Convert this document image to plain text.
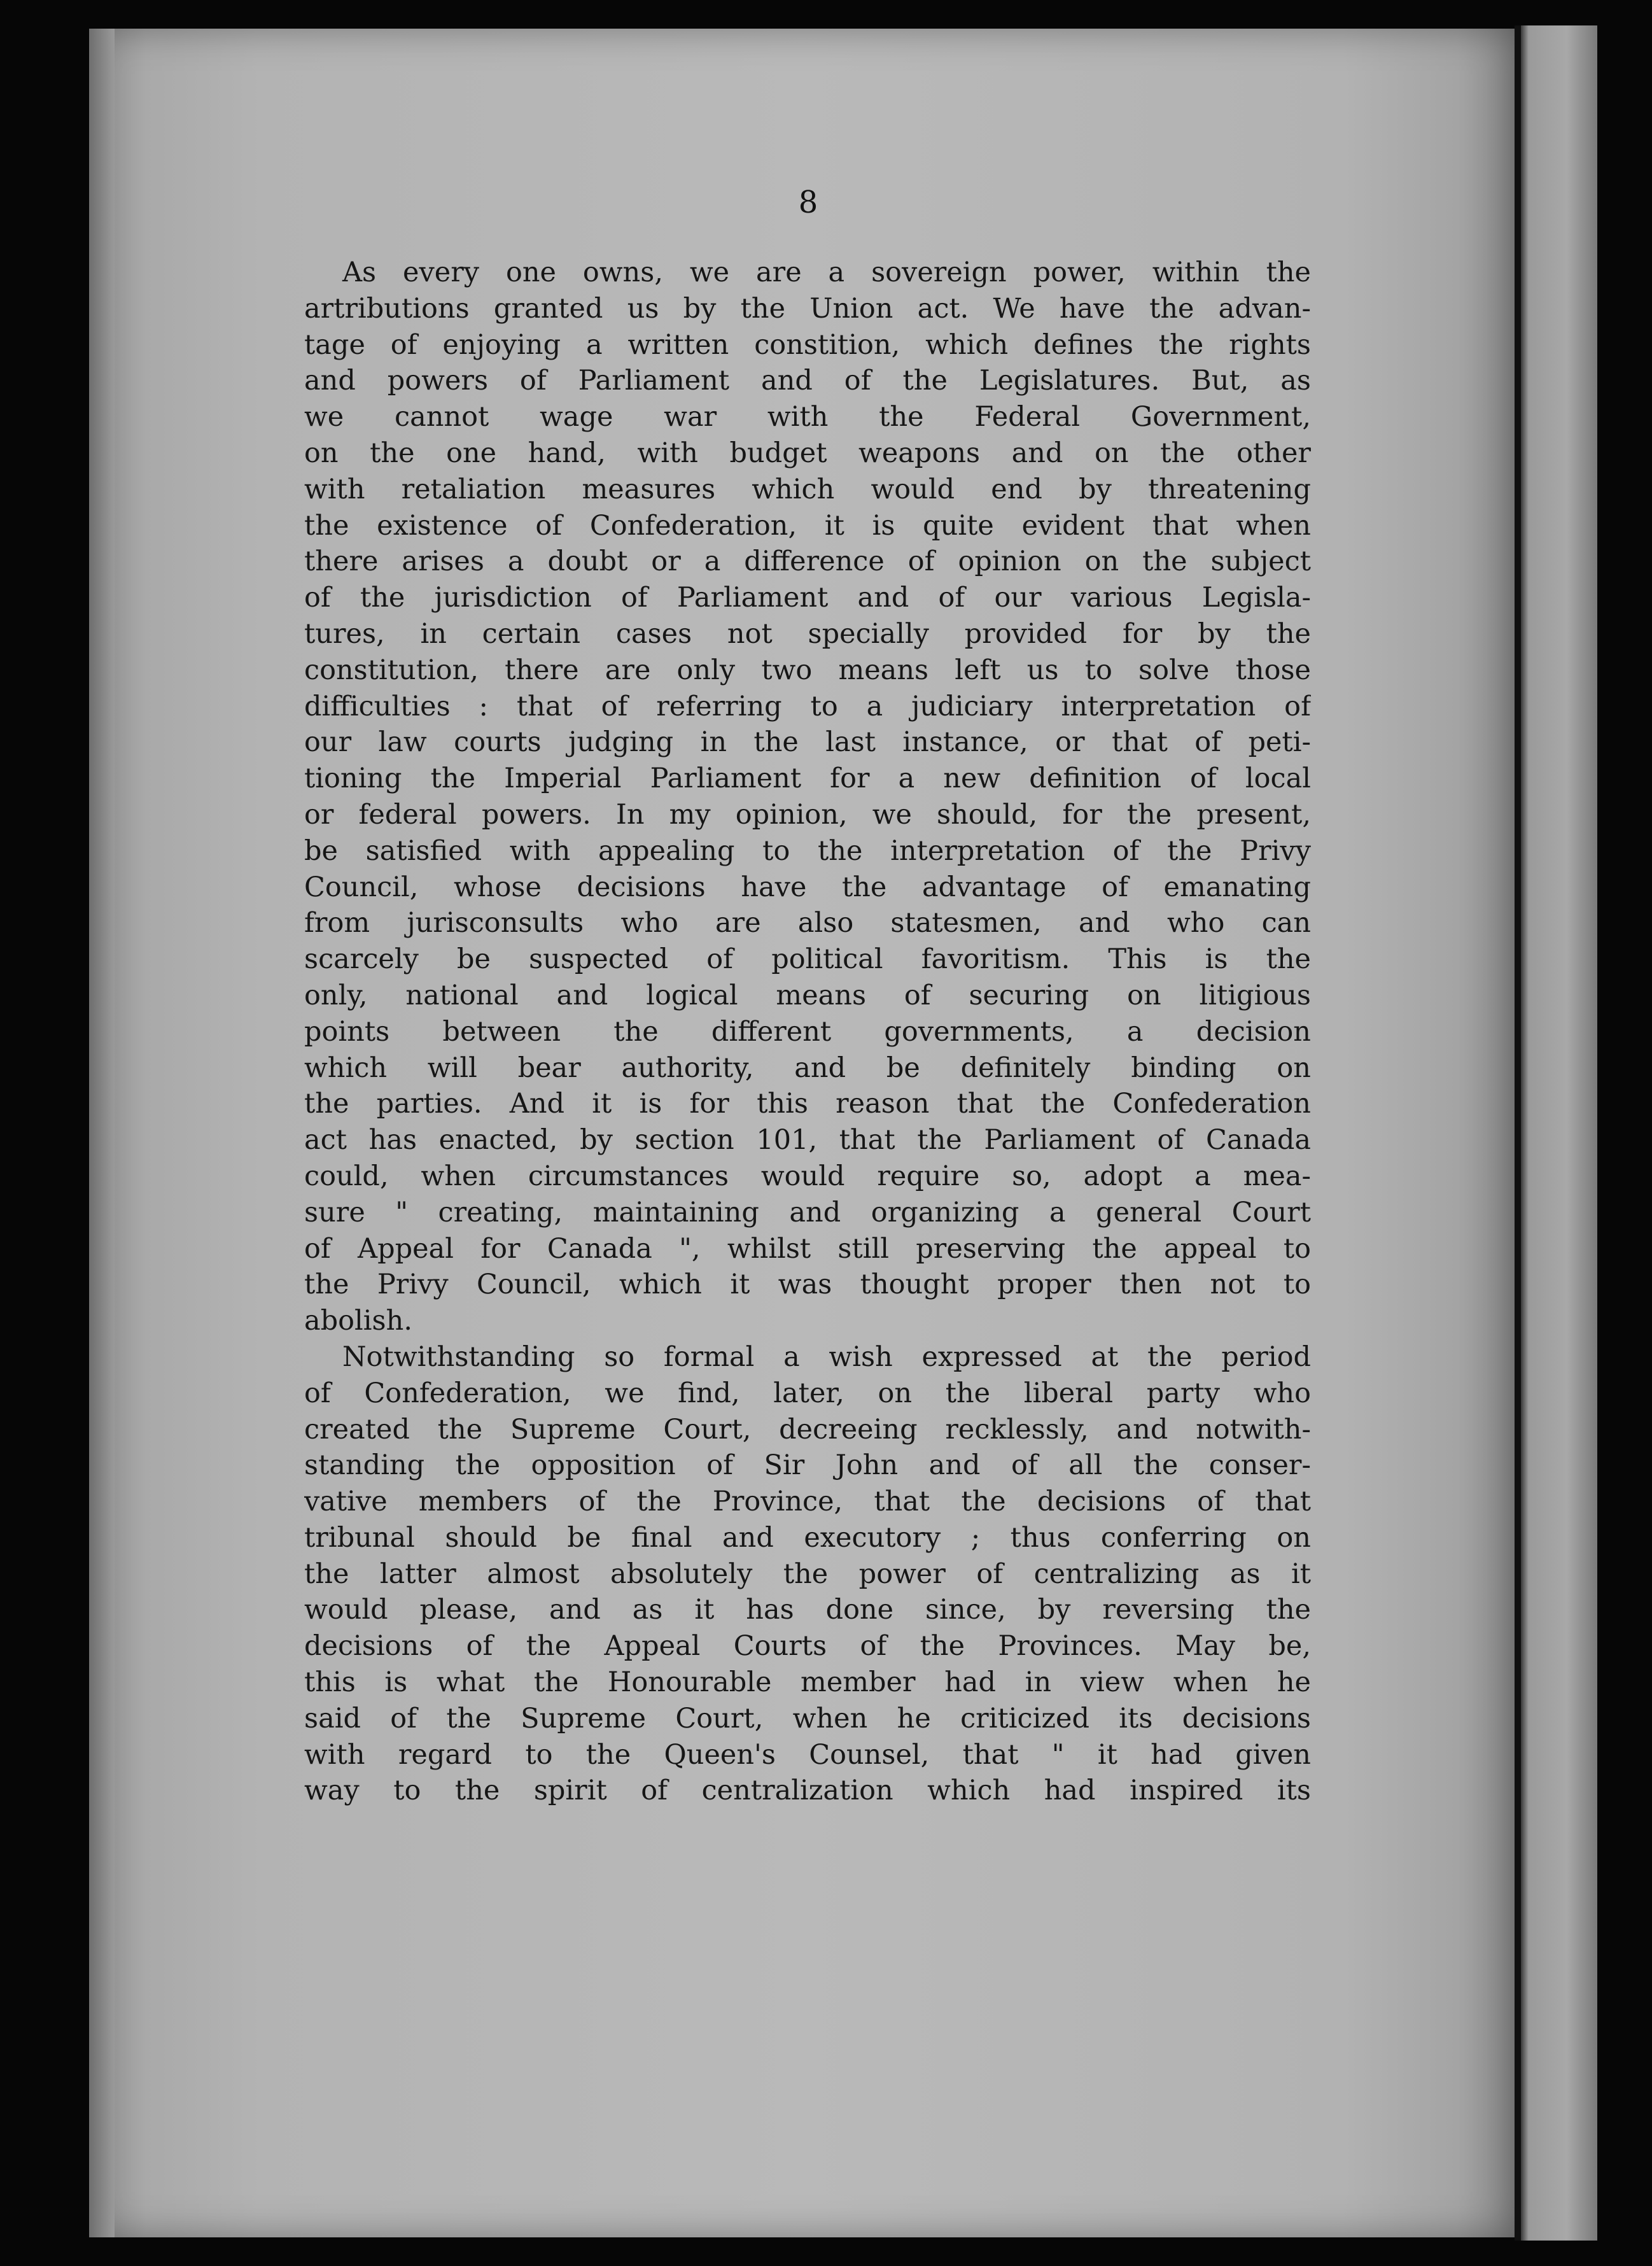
8

As every one owns, we are a sovereign power, within the

artributions granted us by the Union act. We have the advan-

tage of enjoying a written constition, which defines the rights

and powers of Parliament and of the Legislatures. But, as

we cannot wage war with the Federal Government,

on the one hand, with budget weapons and on the other

with retaliation measures which would end by threatening

the existence of Confederation, it is quite evident that when

there arises a doubt or a difference of opinion on the subject

of the jurisdiction of Parliament and of our various Legisla-

tures, in certain cases not specially provided for by the

constitution, there are only two means left us to solve those

difficulties : that of referring to a judiciary interpretation of

our law courts judging in the last instance, or that of peti-

tioning the Imperial Parliament for a new definition of local

or federal powers. In my opinion, we should, for the present,

be satisfied with appealing to the interpretation of the Privy

Council, whose decisions have the advantage of emanating

from jurisconsults who are also statesmen, and who can

scarcely be suspected of political favoritism. This is the

only, national and logical means of securing on litigious

points between the different governments, a decision

which will bear authority, and be definitely binding on

the parties. And it is for this reason that the Confederation

act has enacted, by section 101, that the Parliament of Canada

could, when circumstances would require so, adopt a mea-

sure " creating, maintaining and organizing a general Court

of Appeal for Canada ", whilst still preserving the appeal to

the Privy Council, which it was thought proper then not to

abolish.

Notwithstanding so formal a wish expressed at the period

of Confederation, we find, later, on the liberal party who

created the Supreme Court, decreeing recklessly, and notwith-

standing the opposition of Sir John and of all the conser-

vative members of the Province, that the decisions of that

tribunal should be final and executory ; thus conferring on

the latter almost absolutely the power of centralizing as it

would please, and as it has done since, by reversing the

decisions of the Appeal Courts of the Provinces. May be,

this is what the Honourable member had in view when he

said of the Supreme Court, when he criticized its decisions

with regard to the Queen's Counsel, that " it had given

way to the spirit of centralization which had inspired its
